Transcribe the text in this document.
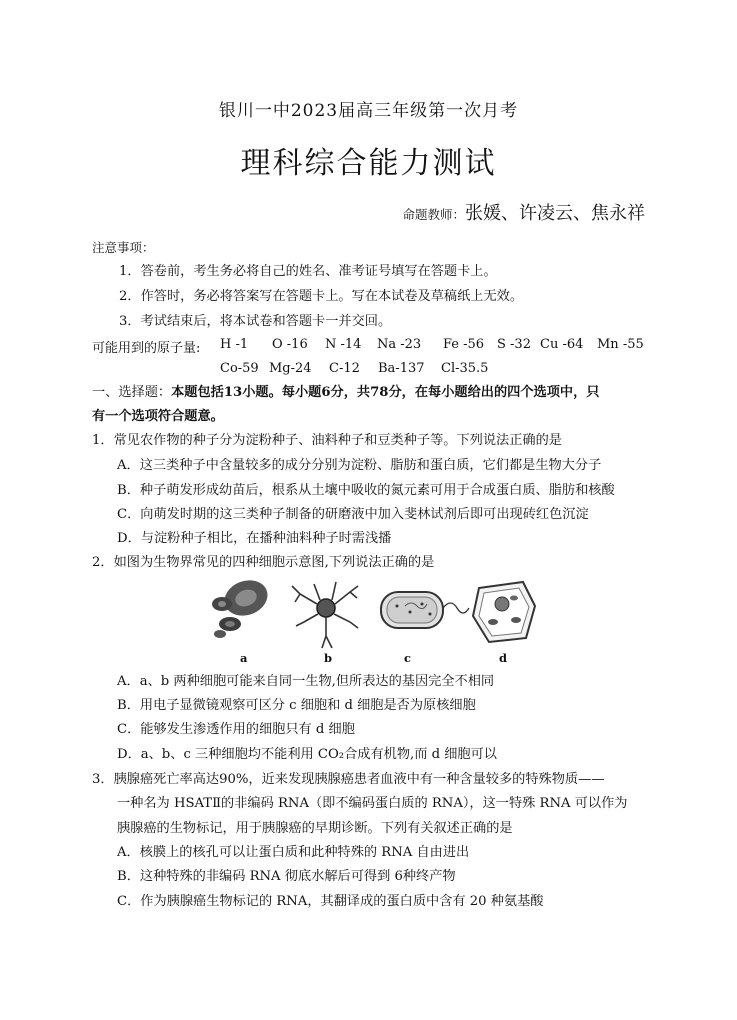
银川一中2023届高三年级第一次月考
理科综合能力测试
命题教师：张媛、许凌云、焦永祥
注意事项：
1．答卷前，考生务必将自己的姓名、准考证号填写在答题卡上。
2．作答时，务必将答案写在答题卡上。写在本试卷及草稿纸上无效。
3．考试结束后，将本试卷和答题卡一并交回。
可能用到的原子量: H -1 O -16 N -14 Na -23 Fe -56 S -32 Cu -64 Mn -55
Co-59 Mg-24 C-12 Ba-137 Cl-35.5
一、选择题：本题包括13小题。每小题6分，共78分，在每小题给出的四个选项中，只
有一个选项符合题意。
1．常见农作物的种子分为淀粉种子、油料种子和豆类种子等。下列说法正确的是
A．这三类种子中含量较多的成分分别为淀粉、脂肪和蛋白质，它们都是生物大分子
B．种子萌发形成幼苗后，根系从土壤中吸收的氮元素可用于合成蛋白质、脂肪和核酸
C．向萌发时期的这三类种子制备的研磨液中加入斐林试剂后即可出现砖红色沉淀
D．与淀粉种子相比，在播种油料种子时需浅播
2．如图为生物界常见的四种细胞示意图,下列说法正确的是
a	b	c	d
A．a、b 两种细胞可能来自同一生物,但所表达的基因完全不相同
B．用电子显微镜观察可区分 c 细胞和 d 细胞是否为原核细胞
C．能够发生渗透作用的细胞只有 d 细胞
D．a、b、c 三种细胞均不能利用 CO₂合成有机物,而 d 细胞可以
3．胰腺癌死亡率高达90%，近来发现胰腺癌患者血液中有一种含量较多的特殊物质——
一种名为 HSATⅡ的非编码 RNA（即不编码蛋白质的 RNA），这一特殊 RNA 可以作为
胰腺癌的生物标记，用于胰腺癌的早期诊断。下列有关叙述正确的是
A．核膜上的核孔可以让蛋白质和此种特殊的 RNA 自由进出
B．这种特殊的非编码 RNA 彻底水解后可得到 6种终产物
C．作为胰腺癌生物标记的 RNA，其翻译成的蛋白质中含有 20 种氨基酸
